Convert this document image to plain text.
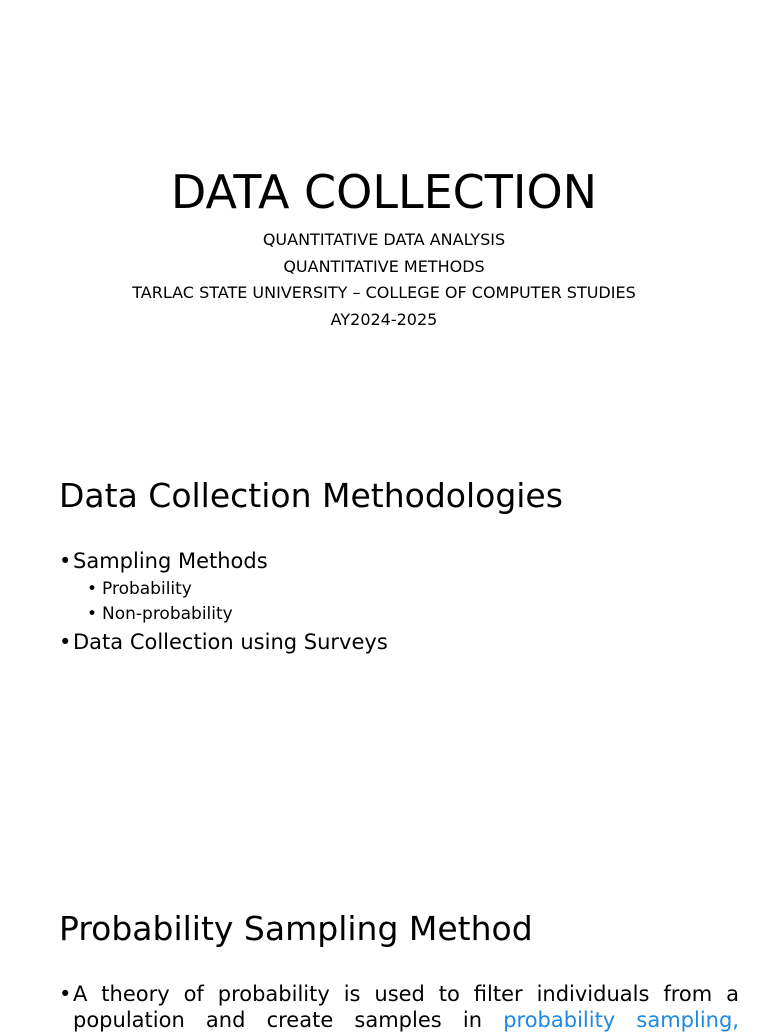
DATA COLLECTION
QUANTITATIVE DATA ANALYSIS
QUANTITATIVE METHODS
TARLAC STATE UNIVERSITY – COLLEGE OF COMPUTER STUDIES
AY2024-2025
Data Collection Methodologies
• Sampling Methods
• Probability
• Non-probability
• Data Collection using Surveys
Probability Sampling Method
• A theory of probability is used to filter individuals from a
population and create samples in probability sampling,
